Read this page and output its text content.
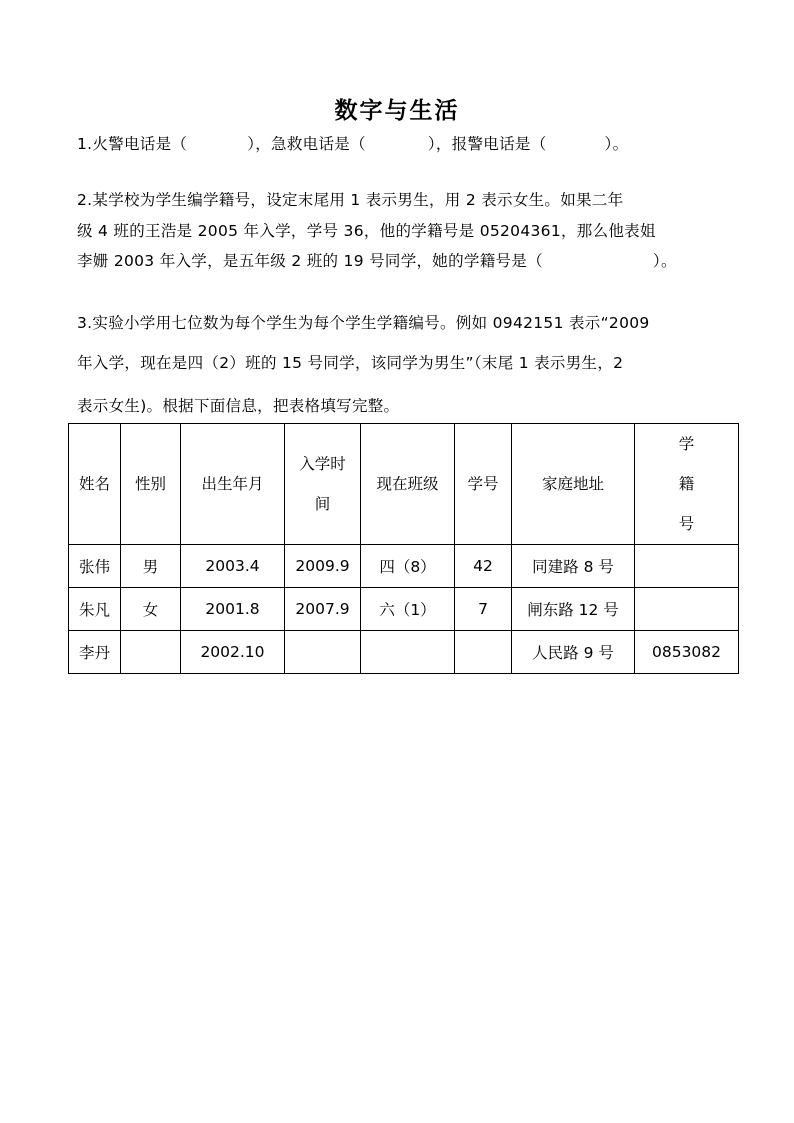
数字与生活
1.火警电话是（	），急救电话是（	），报警电话是（	）。
2.某学校为学生编学籍号，设定末尾用 1 表示男生，用 2 表示女生。如果二年
级 4 班的王浩是 2005 年入学，学号 36，他的学籍号是 05204361，那么他表姐
李姗 2003 年入学，是五年级 2 班的 19 号同学，她的学籍号是（	）。
3.实验小学用七位数为每个学生为每个学生学籍编号。例如 0942151 表示“2009
年入学，现在是四（2）班的 15 号同学，该同学为男生”（末尾 1 表示男生，2
表示女生)。根据下面信息，把表格填写完整。
姓名	性别	出生年月	入学时
间	现在班级	学号	家庭地址	学籍
号

张伟	男	2003.4	2009.9	四（8）	42	同建路 8 号	
朱凡	女	2001.8	2007.9	六（1）	7	闸东路 12 号	
李丹		2002.10				人民路 9 号	0853082
